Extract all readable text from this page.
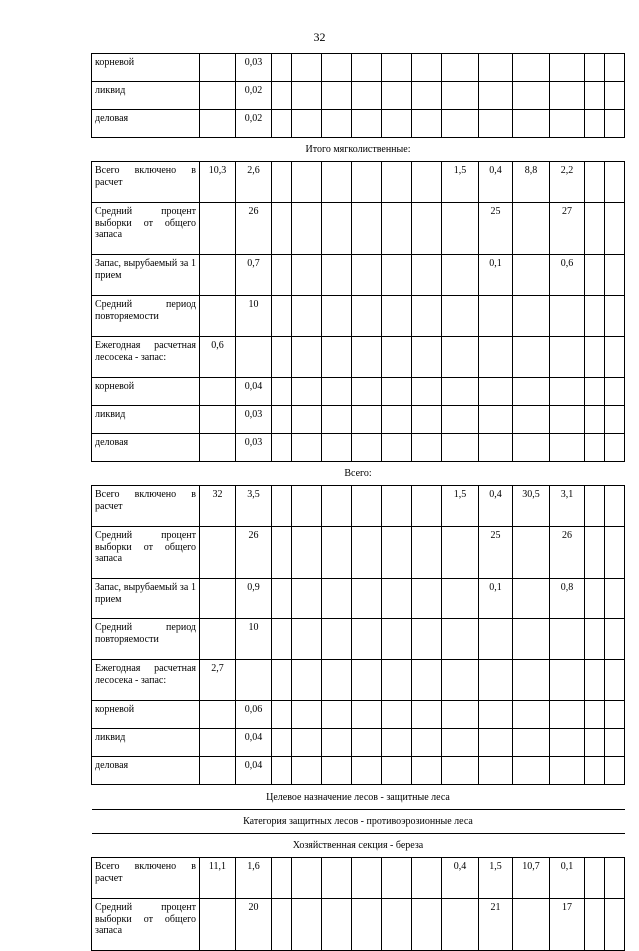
32
корневой		0,03												
ликвид		0,02												
деловая		0,02												
Итого мягколиственные:														
Всего включено в расчет	10,3	2,6							1,5	0,4	8,8	2,2		
Средний процент выборки от общего запаса		26								25		27		
Запас, вырубаемый за 1 прием		0,7								0,1		0,6		
Средний период повторяемости		10												
Ежегодная расчетная лесосека - запас:	0,6													
корневой		0,04												
ликвид		0,03												
деловая		0,03												
Всего:														
Всего включено в расчет	32	3,5							1,5	0,4	30,5	3,1		
Средний процент выборки от общего запаса		26								25		26		
Запас, вырубаемый за 1 прием		0,9								0,1		0,8		
Средний период повторяемости		10												
Ежегодная расчетная лесосека - запас:	2,7													
корневой		0,06												
ликвид		0,04												
деловая		0,04												
Целевое назначение лесов - защитные леса														
Категория защитных лесов - противоэрозионные леса														
Хозяйственная секция - береза														
Всего включено в расчет	11,1	1,6							0,4	1,5	10,7	0,1		
Средний процент выборки от общего запаса		20								21		17		
